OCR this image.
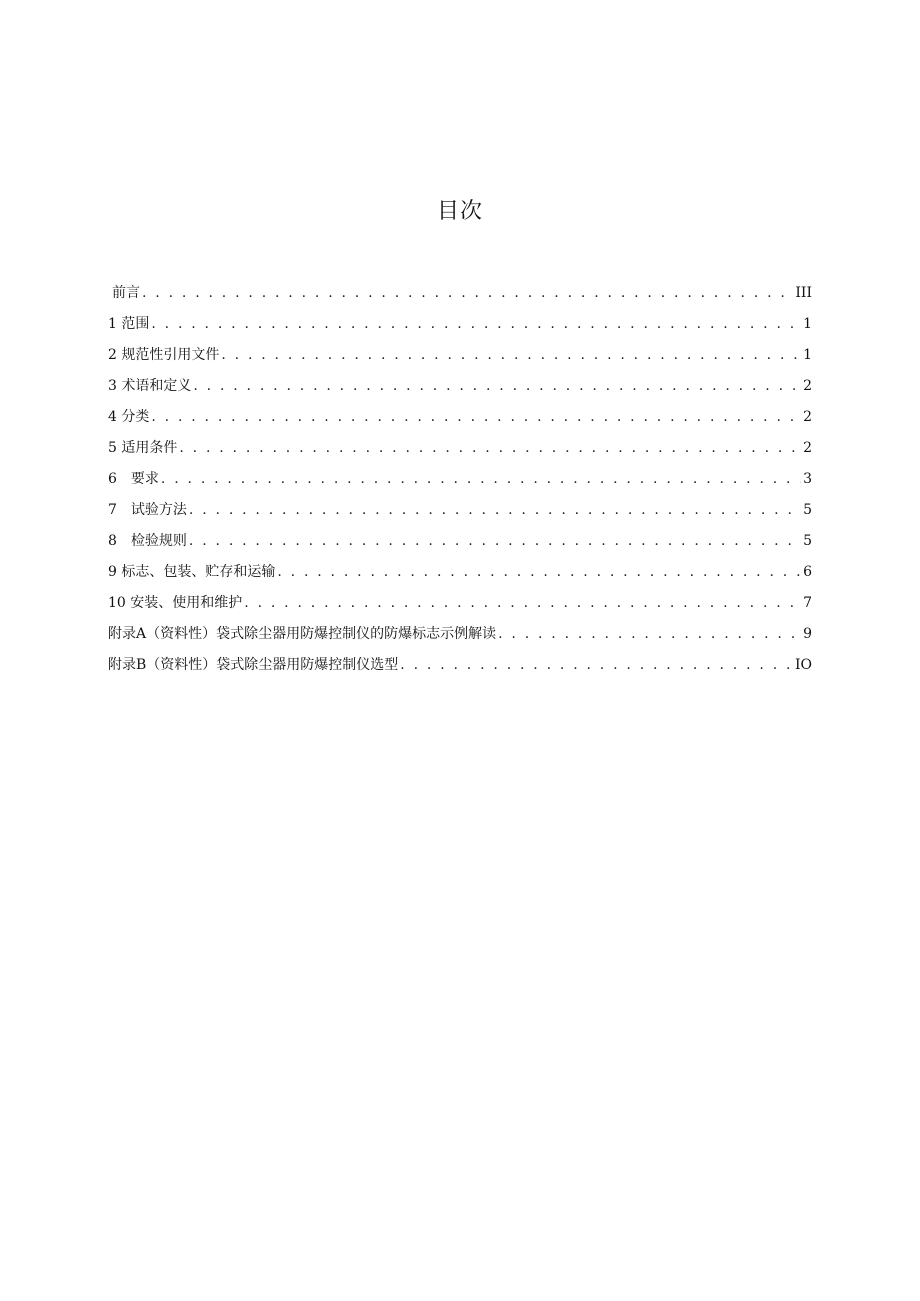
目次
前言 . . .	III
1 范围 . . .	1
2 规范性引用文件 . . .	1
3 术语和定义 . . .	2
4 分类 . . .	2
5 适用条件 . . .	2
6　要求 . . .	3
7　试验方法 . . .	5
8　检验规则 . . .	5
9 标志、包装、贮存和运输 . . .	6
10 安装、使用和维护 . . .	7
附录A（资料性）袋式除尘器用防爆控制仪的防爆标志示例解读 . . .	9
附录B（资料性）袋式除尘器用防爆控制仪选型 . . .	IO
